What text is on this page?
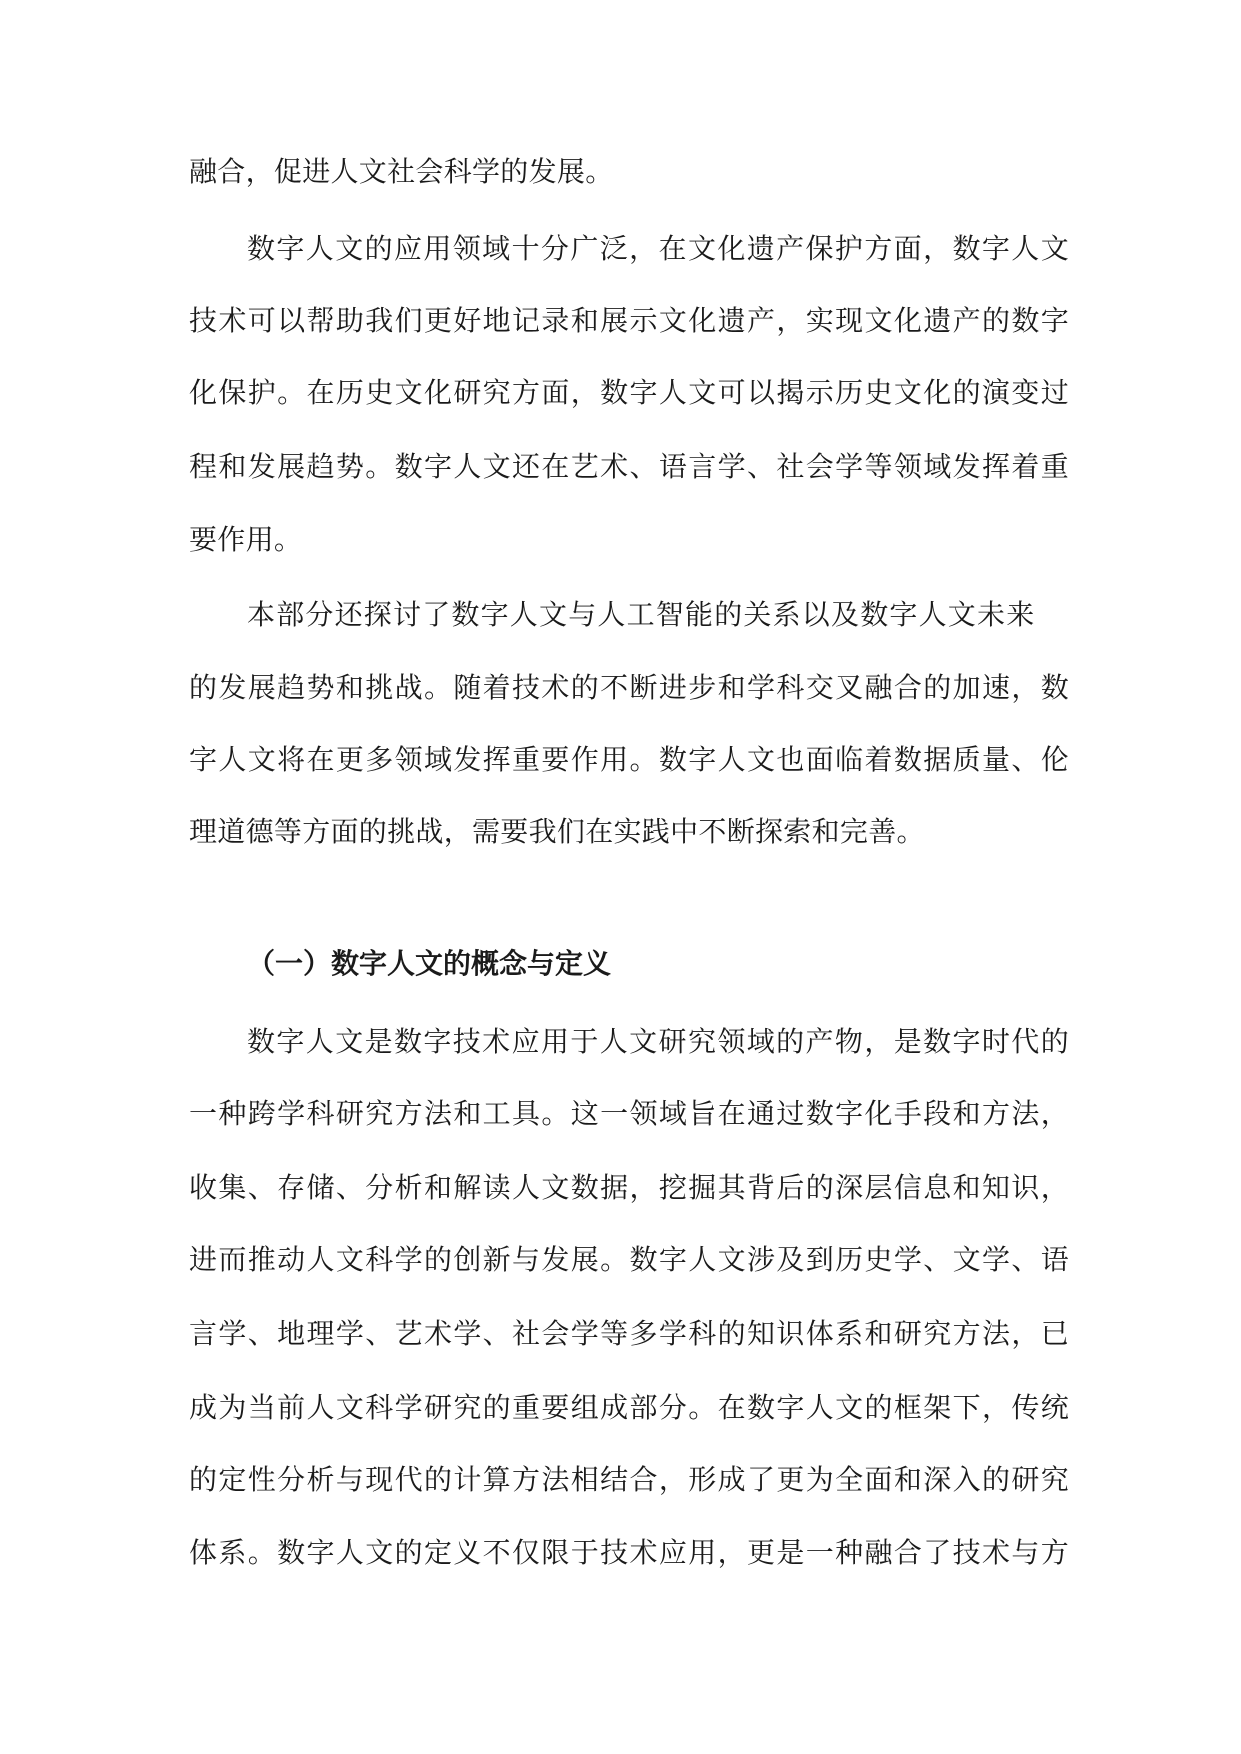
融合，促进人文社会科学的发展。
数字人文的应用领域十分广泛，在文化遗产保护方面，数字人文
技术可以帮助我们更好地记录和展示文化遗产，实现文化遗产的数字
化保护。在历史文化研究方面，数字人文可以揭示历史文化的演变过
程和发展趋势。数字人文还在艺术、语言学、社会学等领域发挥着重
要作用。
本部分还探讨了数字人文与人工智能的关系以及数字人文未来
的发展趋势和挑战。随着技术的不断进步和学科交叉融合的加速，数
字人文将在更多领域发挥重要作用。数字人文也面临着数据质量、伦
理道德等方面的挑战，需要我们在实践中不断探索和完善。
（一）数字人文的概念与定义
数字人文是数字技术应用于人文研究领域的产物，是数字时代的
一种跨学科研究方法和工具。这一领域旨在通过数字化手段和方法，
收集、存储、分析和解读人文数据，挖掘其背后的深层信息和知识，
进而推动人文科学的创新与发展。数字人文涉及到历史学、文学、语
言学、地理学、艺术学、社会学等多学科的知识体系和研究方法，已
成为当前人文科学研究的重要组成部分。在数字人文的框架下，传统
的定性分析与现代的计算方法相结合，形成了更为全面和深入的研究
体系。数字人文的定义不仅限于技术应用，更是一种融合了技术与方
